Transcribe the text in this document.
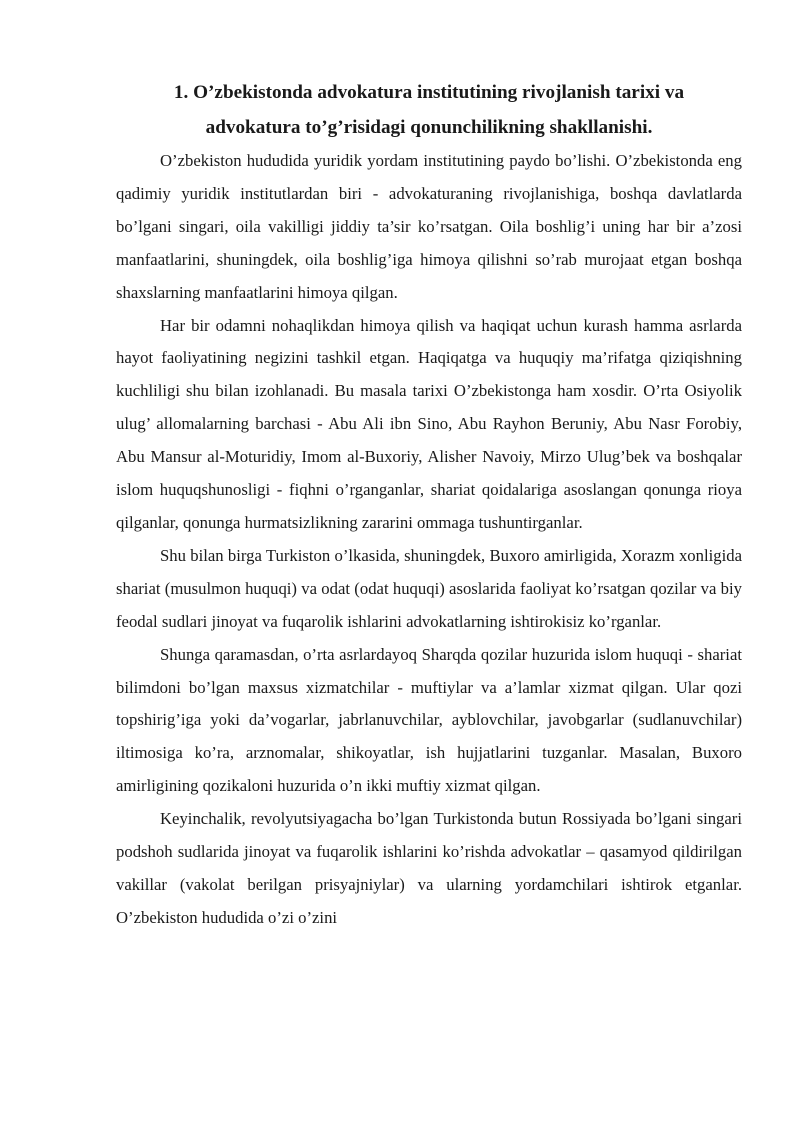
1. O’zbekistonda advokatura institutining rivojlanish tarixi va
advokatura to’g’risidagi qonunchilikning shakllanishi.

O’zbekiston hududida yuridik yordam institutining paydo bo’lishi. O’zbekistonda eng qadimiy yuridik institutlardan biri - advokaturaning rivojlanishiga, boshqa davlatlarda bo’lgani singari, oila vakilligi jiddiy ta’sir ko’rsatgan. Oila boshlig’i uning har bir a’zosi manfaatlarini, shuningdek, oila boshlig’iga himoya qilishni so’rab murojaat etgan boshqa shaxslarning manfaatlarini himoya qilgan.

Har bir odamni nohaqlikdan himoya qilish va haqiqat uchun kurash hamma asrlarda hayot faoliyatining negizini tashkil etgan. Haqiqatga va huquqiy ma’rifatga qiziqishning kuchliligi shu bilan izohlanadi. Bu masala tarixi O’zbekistonga ham xosdir. O’rta Osiyolik ulug’ allomalarning barchasi - Abu Ali ibn Sino, Abu Rayhon Beruniy, Abu Nasr Forobiy, Abu Mansur al-Moturidiy, Imom al-Buxoriy, Alisher Navoiy, Mirzo Ulug’bek va boshqalar islom huquqshunosligi - fiqhni o’rganganlar, shariat qoidalariga asoslangan qonunga rioya qilganlar, qonunga hurmatsizlikning zararini ommaga tushuntirganlar.

Shu bilan birga Turkiston o’lkasida, shuningdek, Buxoro amirligida, Xorazm xonligida shariat (musulmon huquqi) va odat (odat huquqi) asoslarida faoliyat ko’rsatgan qozilar va biy feodal sudlari jinoyat va fuqarolik ishlarini advokatlarning ishtirokisiz ko’rganlar.

Shunga qaramasdan, o’rta asrlardayoq Sharqda qozilar huzurida islom huquqi - shariat bilimdoni bo’lgan maxsus xizmatchilar - muftiylar va a’lamlar xizmat qilgan. Ular qozi topshirig’iga yoki da’vogarlar, jabrlanuvchilar, ayblovchilar, javobgarlar (sudlanuvchilar) iltimosiga ko’ra, arznomalar, shikoyatlar, ish hujjatlarini tuzganlar. Masalan, Buxoro amirligining qozikaloni huzurida o’n ikki muftiy xizmat qilgan.

Keyinchalik, revolyutsiyagacha bo’lgan Turkistonda butun Rossiyada bo’lgani singari podshoh sudlarida jinoyat va fuqarolik ishlarini ko’rishda advokatlar – qasamyod qildirilgan vakillar (vakolat berilgan prisyajniylar) va ularning yordamchilari ishtirok etganlar. O’zbekiston hududida o’zi o’zini
